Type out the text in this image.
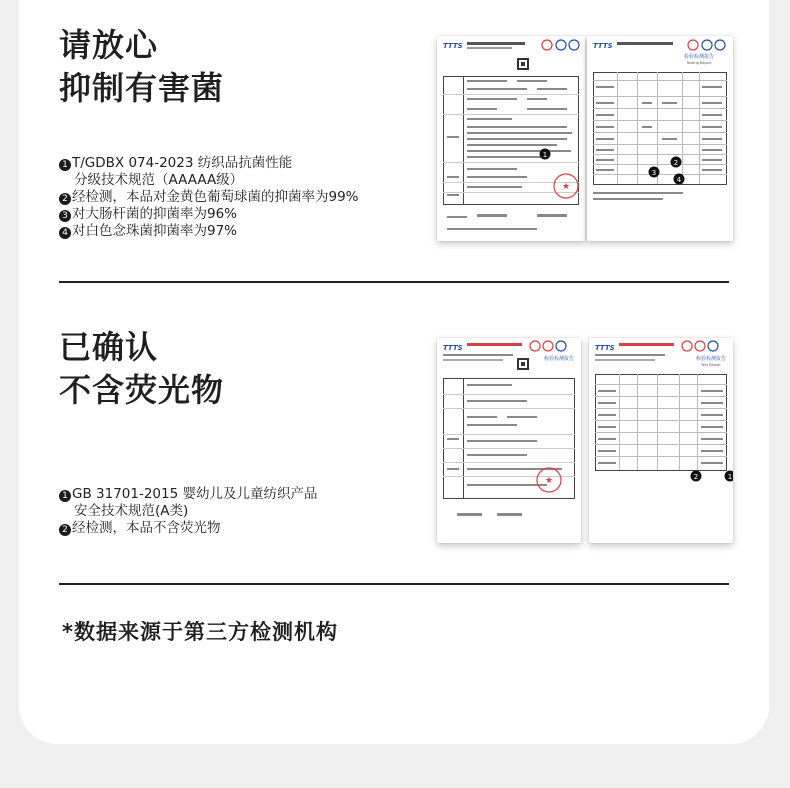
请放心
抑制有害菌
1 T/GDBX 074-2023 纺织品抗菌性能
分级技术规范（AAAAA级）
2 经检测，本品对金黄色葡萄球菌的抑菌率为99%
3 对大肠杆菌的抑菌率为96%
4 对白色念珠菌抑菌率为97%
TTTS
★
1
TTTS
检验检测报告
Testing Report
2
3
4
已确认
不含荧光物
1 GB 31701-2015 婴幼儿及儿童纺织产品
安全技术规范(A类)
2 经检测，本品不含荧光物
TTTS
检验检测报告
★
TTTS
检验检测报告
Test Report
2	1

*数据来源于第三方检测机构
